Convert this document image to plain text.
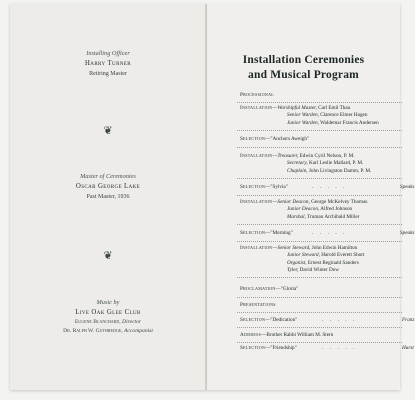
Installing Officer
Harry Turner
Retiring Master
❦
Master of Ceremonies
Oscar George Lake
Past Master, 1936
❦
Music by
Live Oak Glee Club
Eugene Blanchard, Director
Dr. Ralph W. Guthredge, Accompanist
Installation Ceremonies
and Musical Program
Processional
Installation—Worshipful Master, Carl Emil Thau
Senior Warden, Clarence Elmer Hagen
Junior Warden, Waldemar Francis Andersen
Selection—"Anchors Aweigh"
Installation—Treasurer, Edwin Cyril Nelson, P. M.
Secretary, Karl Leslie Mallard, P. M.
Chaplain, John Livingston Damm, P. M.
Selection—"Sylvia"	. . . . .	Speaks
Installation—Senior Deacon, George McKelvey Thomas
Junior Deacon, Alfred Johnson
Marshal, Truman Archibald Miller
Selection—"Morning"	. . . . .	Speaks
Installation—Senior Steward, John Edwin Hamilton
Junior Steward, Harold Everett Short
Organist, Ernest Reginald Sanders
Tyler, David Winter Dow
Proclamation—"Gloria"
Presentations
Selection—"Dedication"	. . . . .	Franz
Address—Brother Rabbi William M. Stern
Selection—"Friendship"	. . . . .	Hurst
